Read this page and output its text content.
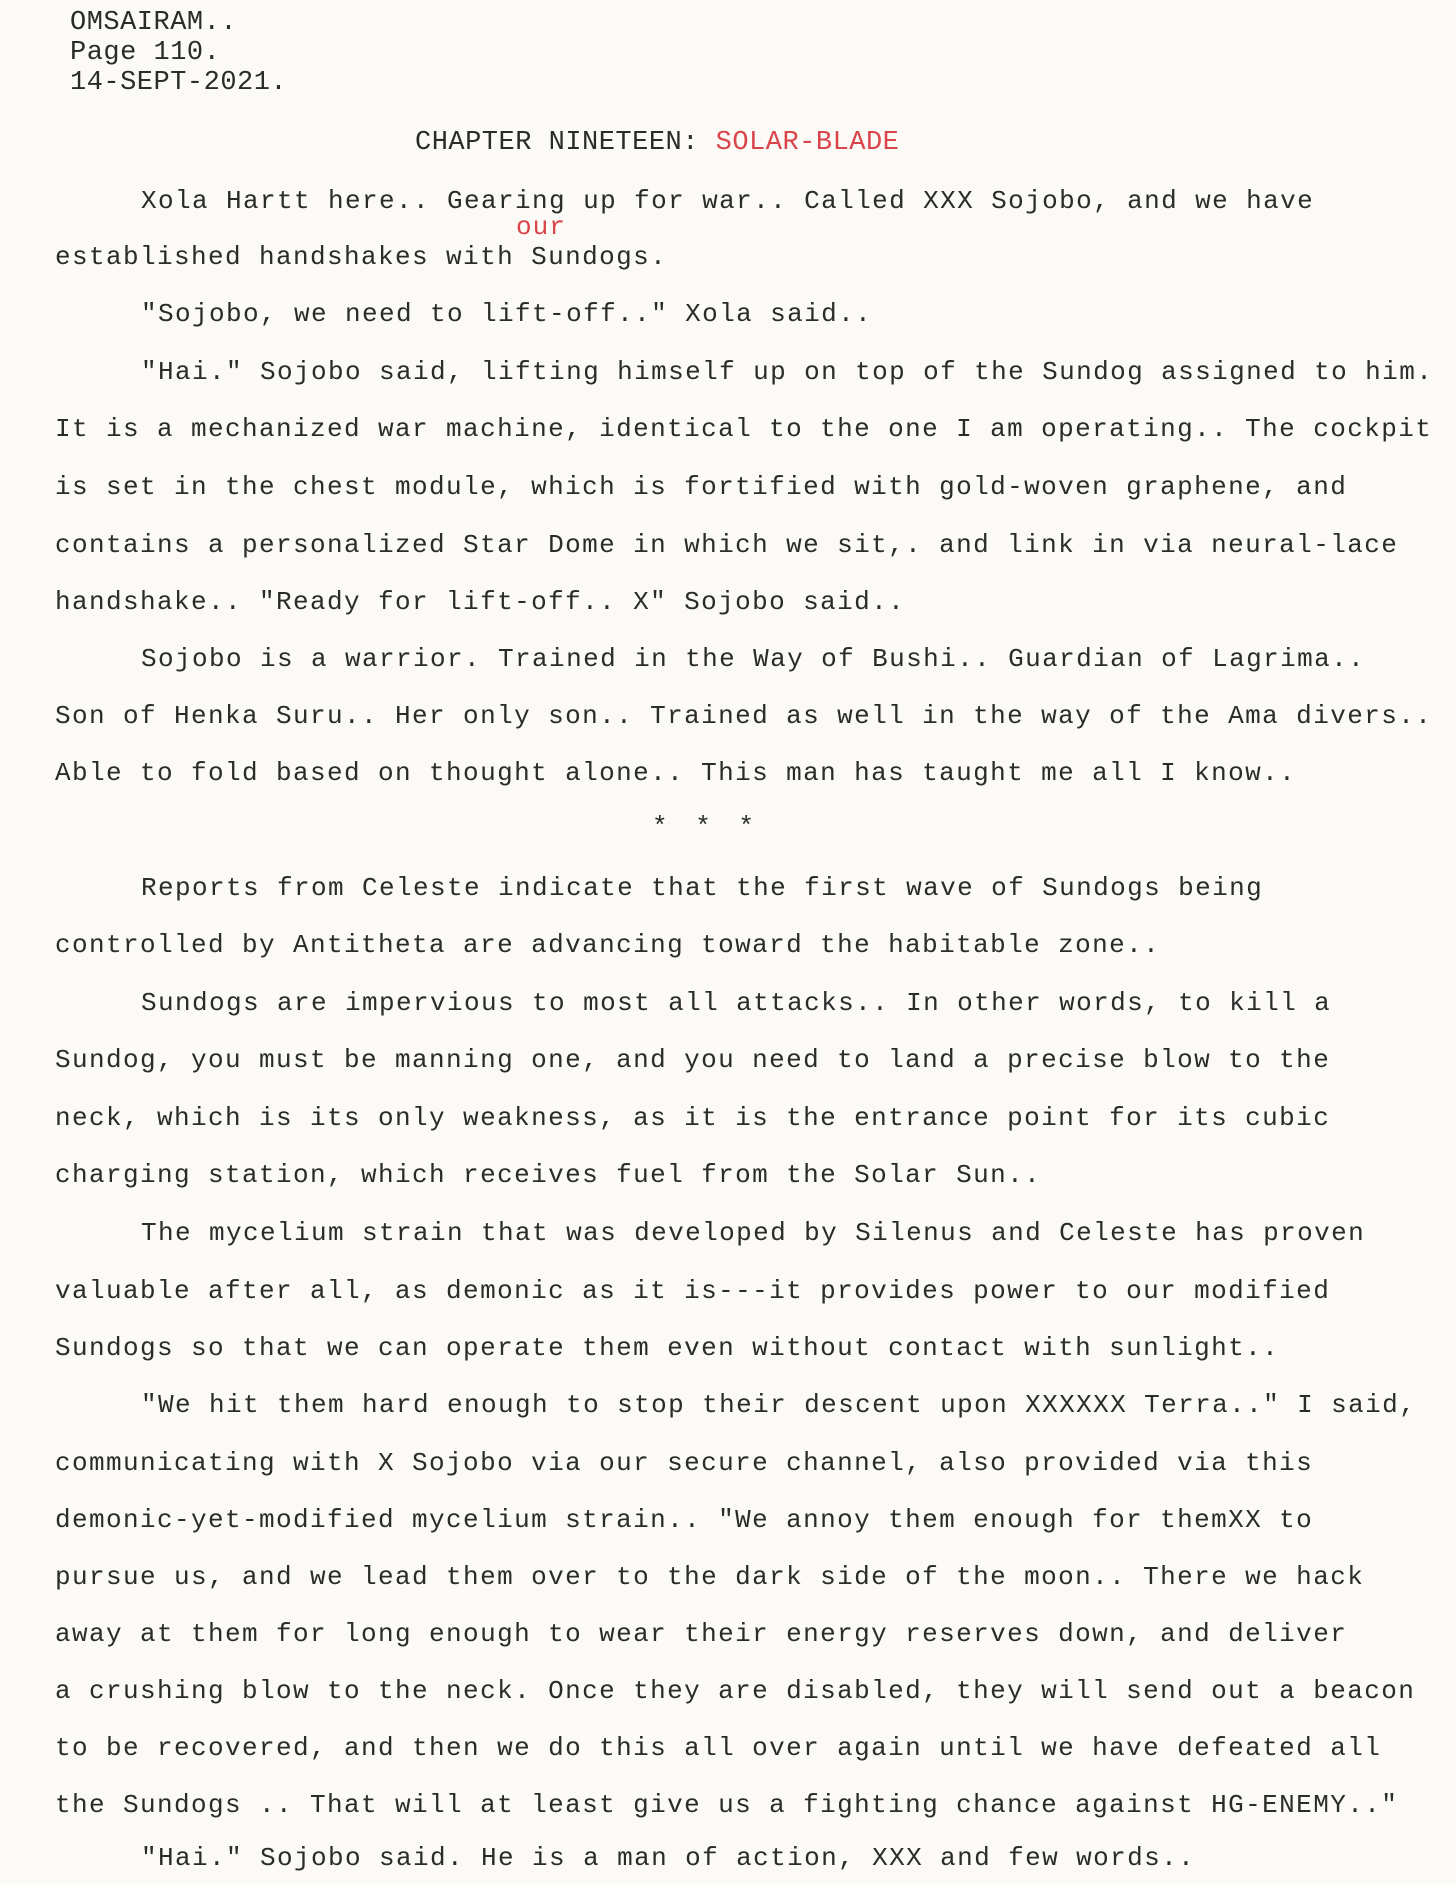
OMSAIRAM..
Page 110.
14-SEPT-2021.
CHAPTER NINETEEN: SOLAR-BLADE
our
Xola Hartt here.. Gearing up for war.. Called XXX Sojobo, and we have
established handshakes with Sundogs.
"Sojobo, we need to lift-off.." Xola said..
"Hai." Sojobo said, lifting himself up on top of the Sundog assigned to him.
It is a mechanized war machine, identical to the one I am operating.. The cockpit
is set in the chest module, which is fortified with gold-woven graphene, and
contains a personalized Star Dome in which we sit,. and link in via neural-lace
handshake.. "Ready for lift-off.. X" Sojobo said..
Sojobo is a warrior. Trained in the Way of Bushi.. Guardian of Lagrima..
Son of Henka Suru.. Her only son.. Trained as well in the way of the Ama divers..
Able to fold based on thought alone.. This man has taught me all I know..
Reports from Celeste indicate that the first wave of Sundogs being
controlled by Antitheta are advancing toward the habitable zone..
Sundogs are impervious to most all attacks.. In other words, to kill a
Sundog, you must be manning one, and you need to land a precise blow to the
neck, which is its only weakness, as it is the entrance point for its cubic
charging station, which receives fuel from the Solar Sun..
The mycelium strain that was developed by Silenus and Celeste has proven
valuable after all, as demonic as it is---it provides power to our modified
Sundogs so that we can operate them even without contact with sunlight..
"We hit them hard enough to stop their descent upon XXXXXX Terra.." I said,
communicating with X Sojobo via our secure channel, also provided via this
demonic-yet-modified mycelium strain.. "We annoy them enough for themXX to
pursue us, and we lead them over to the dark side of the moon.. There we hack
away at them for long enough to wear their energy reserves down, and deliver
a crushing blow to the neck. Once they are disabled, they will send out a beacon
to be recovered, and then we do this all over again until we have defeated all
the Sundogs .. That will at least give us a fighting chance against HG-ENEMY.."
"Hai." Sojobo said. He is a man of action, XXX and few words..
* * *
